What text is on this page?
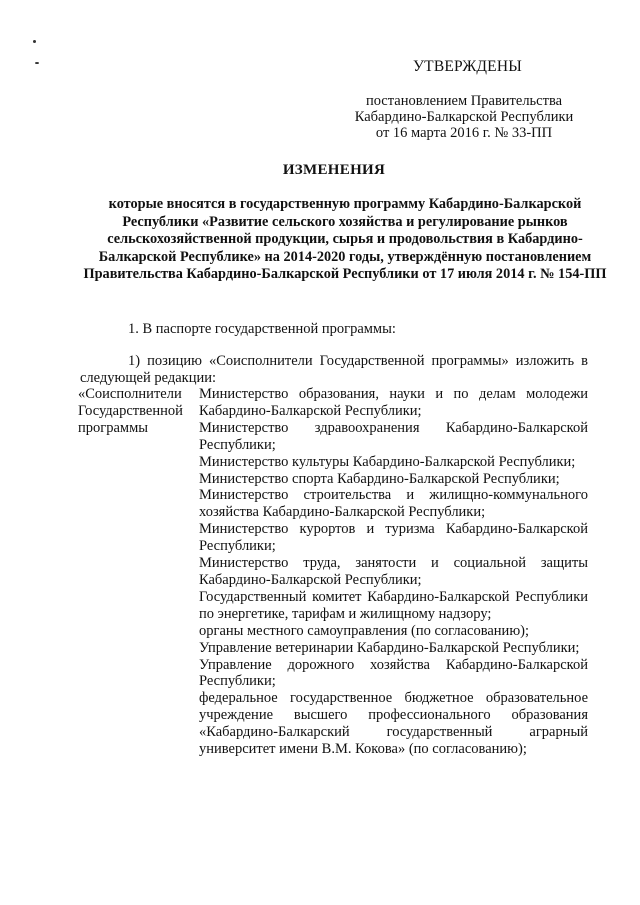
УТВЕРЖДЕНЫ
постановлением Правительства
Кабардино-Балкарской Республики
от 16 марта 2016 г. № 33-ПП
ИЗМЕНЕНИЯ
которые вносятся в государственную программу Кабардино-Балкарской Республики «Развитие сельского хозяйства и регулирование рынков сельскохозяйственной продукции, сырья и продовольствия в Кабардино-Балкарской Республике» на 2014-2020 годы, утверждённую постановлением Правительства Кабардино-Балкарской Республики от 17 июля 2014 г. № 154-ПП
1. В паспорте государственной программы:
1) позицию «Соисполнители Государственной программы» изложить в следующей редакции:
«Соисполнители Государственной программы
Министерство образования, науки и по делам молодежи Кабардино-Балкарской Республики;
Министерство здравоохранения Кабардино-Балкарской Республики;
Министерство культуры Кабардино-Балкарской Республики;
Министерство спорта Кабардино-Балкарской Республики;
Министерство строительства и жилищно-коммунального хозяйства Кабардино-Балкарской Республики;
Министерство курортов и туризма Кабардино-Балкарской Республики;
Министерство труда, занятости и социальной защиты Кабардино-Балкарской Республики;
Государственный комитет Кабардино-Балкарской Республики по энергетике, тарифам и жилищному надзору;
органы местного самоуправления (по согласованию);
Управление ветеринарии Кабардино-Балкарской Республики;
Управление дорожного хозяйства Кабардино-Балкарской Республики;
федеральное государственное бюджетное образовательное учреждение высшего профессионального образования «Кабардино-Балкарский государственный аграрный университет имени В.М. Кокова» (по согласованию);
